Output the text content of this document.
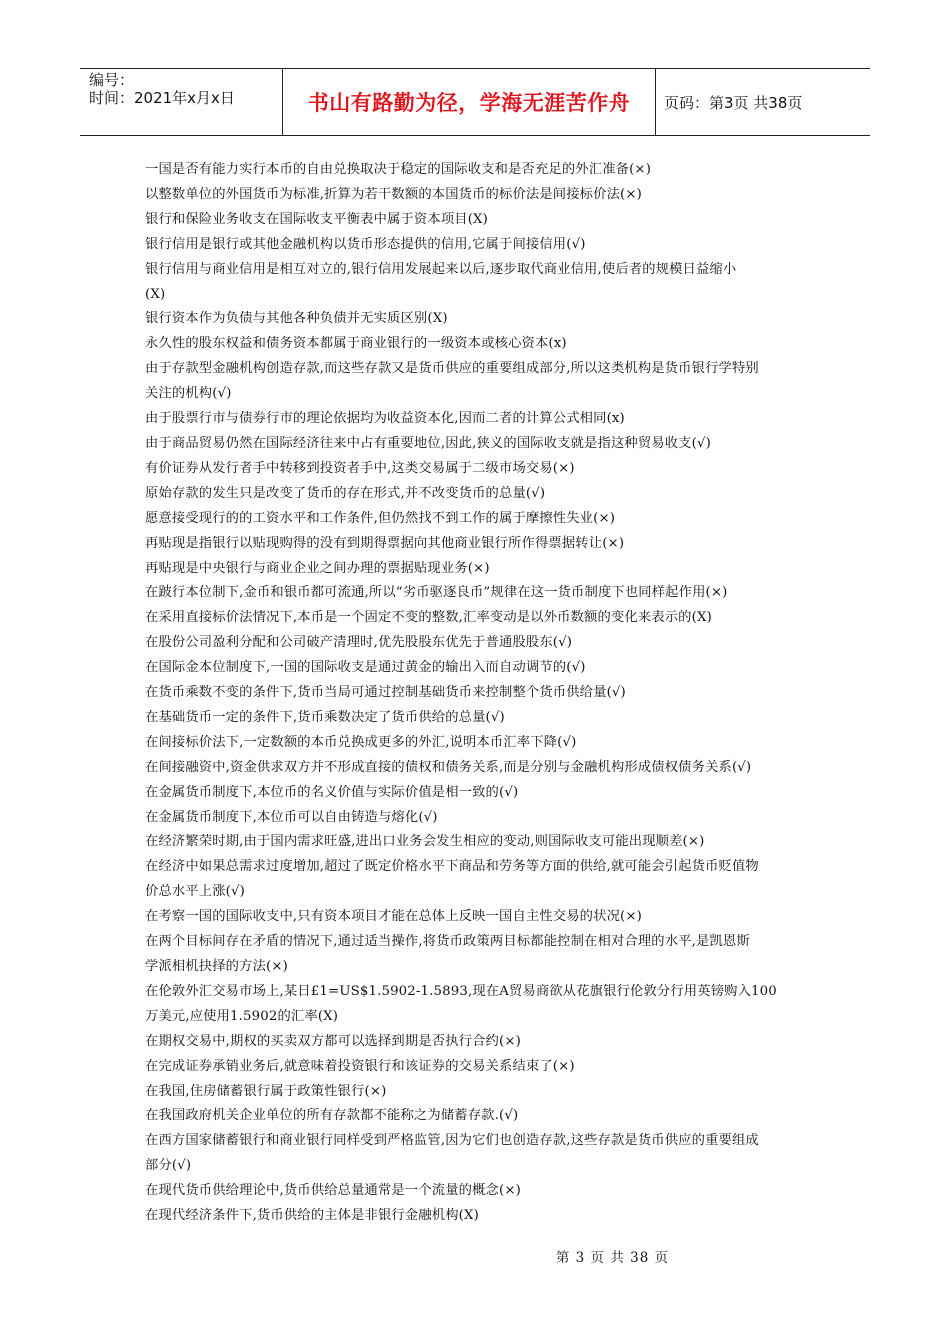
编号：
时间：2021年x月x日	书山有路勤为径，学海无涯苦作舟 页码：第3页 共38页

一国是否有能力实行本币的自由兑换取决于稳定的国际收支和是否充足的外汇准备(×)

以整数单位的外国货币为标准,折算为若干数额的本国货币的标价法是间接标价法(×)

银行和保险业务收支在国际收支平衡表中属于资本项目(X)

银行信用是银行或其他金融机构以货币形态提供的信用,它属于间接信用(√)

银行信用与商业信用是相互对立的,银行信用发展起来以后,逐步取代商业信用,使后者的规模日益缩小

(X)

银行资本作为负债与其他各种负债并无实质区别(X)

永久性的股东权益和债务资本都属于商业银行的一级资本或核心资本(x)

由于存款型金融机构创造存款,而这些存款又是货币供应的重要组成部分,所以这类机构是货币银行学特别

关注的机构(√)

由于股票行市与债券行市的理论依据均为收益资本化,因而二者的计算公式相同(x)

由于商品贸易仍然在国际经济往来中占有重要地位,因此,狭义的国际收支就是指这种贸易收支(√)

有价证券从发行者手中转移到投资者手中,这类交易属于二级市场交易(×)

原始存款的发生只是改变了货币的存在形式,并不改变货币的总量(√)

愿意接受现行的的工资水平和工作条件,但仍然找不到工作的属于摩擦性失业(×)

再贴现是指银行以贴现购得的没有到期得票据向其他商业银行所作得票据转让(×)

再贴现是中央银行与商业企业之间办理的票据贴现业务(×)

在跛行本位制下,金币和银币都可流通,所以“劣币驱逐良币”规律在这一货币制度下也同样起作用(×)

在采用直接标价法情况下,本币是一个固定不变的整数,汇率变动是以外币数额的变化来表示的(X)

在股份公司盈利分配和公司破产清理时,优先股股东优先于普通股股东(√)

在国际金本位制度下,一国的国际收支是通过黄金的输出入而自动调节的(√)

在货币乘数不变的条件下,货币当局可通过控制基础货币来控制整个货币供给量(√)

在基础货币一定的条件下,货币乘数决定了货币供给的总量(√)

在间接标价法下,一定数额的本币兑换成更多的外汇,说明本币汇率下降(√)

在间接融资中,资金供求双方并不形成直接的债权和债务关系,而是分别与金融机构形成债权债务关系(√)

在金属货币制度下,本位币的名义价值与实际价值是相一致的(√)

在金属货币制度下,本位币可以自由铸造与熔化(√)

在经济繁荣时期,由于国内需求旺盛,进出口业务会发生相应的变动,则国际收支可能出现顺差(×)

在经济中如果总需求过度增加,超过了既定价格水平下商品和劳务等方面的供给,就可能会引起货币贬值物

价总水平上涨(√)

在考察一国的国际收支中,只有资本项目才能在总体上反映一国自主性交易的状况(×)

在两个目标间存在矛盾的情况下,通过适当操作,将货币政策两目标都能控制在相对合理的水平,是凯恩斯

学派相机抉择的方法(×)

在伦敦外汇交易市场上,某日£1=US$1.5902-1.5893,现在A贸易商欲从花旗银行伦敦分行用英镑购入100

万美元,应使用1.5902的汇率(X)

在期权交易中,期权的买卖双方都可以选择到期是否执行合约(×)

在完成证券承销业务后,就意味着投资银行和该证券的交易关系结束了(×)

在我国,住房储蓄银行属于政策性银行(×)

在我国政府机关企业单位的所有存款都不能称之为储蓄存款.(√)

在西方国家储蓄银行和商业银行同样受到严格监管,因为它们也创造存款,这些存款是货币供应的重要组成

部分(√)

在现代货币供给理论中,货币供给总量通常是一个流量的概念(×)

在现代经济条件下,货币供给的主体是非银行金融机构(X)

第 3 页 共 38 页
